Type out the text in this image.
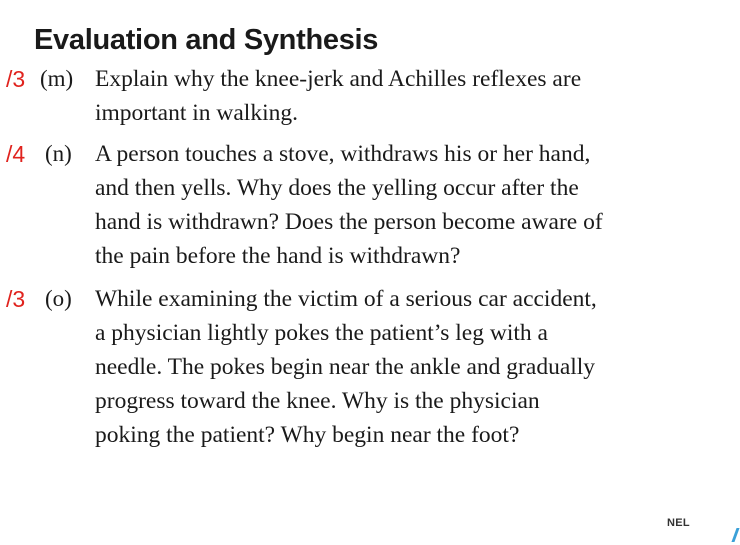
Evaluation and Synthesis
/3 (m) Explain why the knee-jerk and Achilles reflexes are
important in walking.
/4 (n) A person touches a stove, withdraws his or her hand,
and then yells. Why does the yelling occur after the
hand is withdrawn? Does the person become aware of
the pain before the hand is withdrawn?
/3 (o) While examining the victim of a serious car accident,
a physician lightly pokes the patient’s leg with a
needle. The pokes begin near the ankle and gradually
progress toward the knee. Why is the physician
poking the patient? Why begin near the foot?
NEL
